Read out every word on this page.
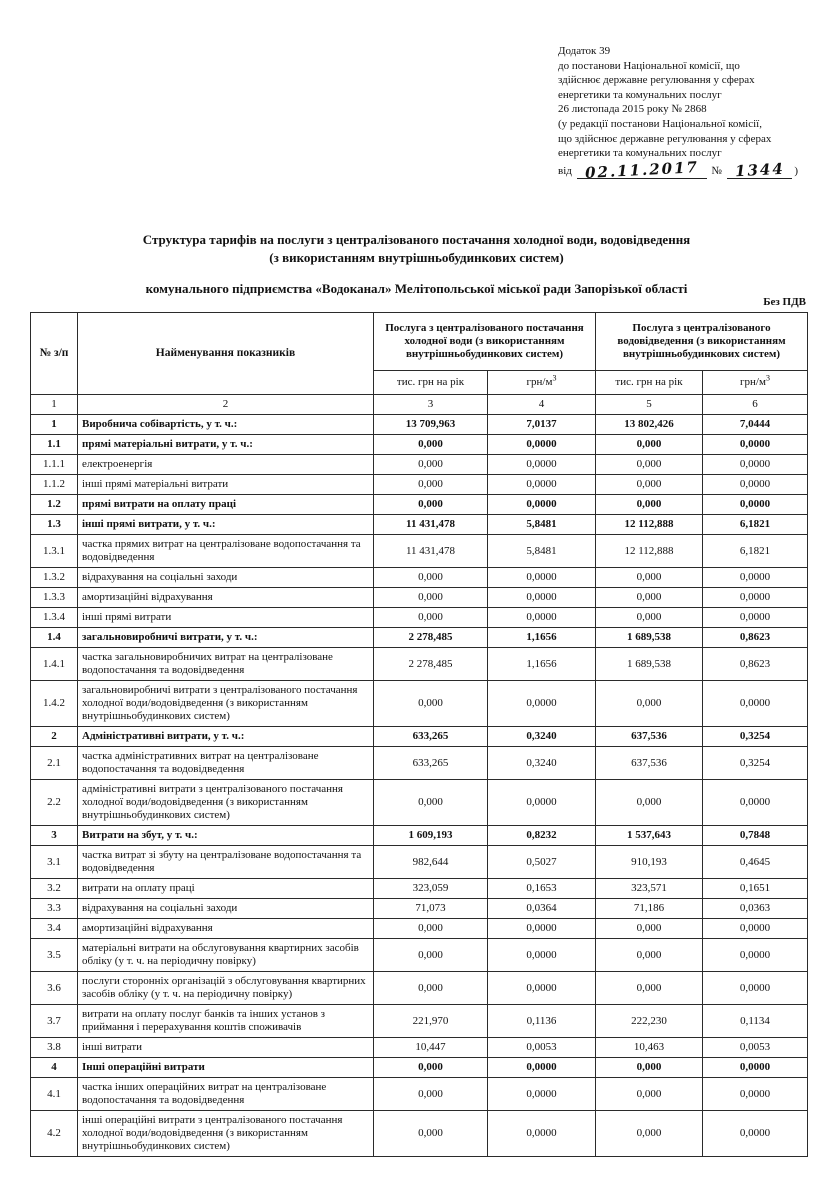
Додаток 39
до постанови Національної комісії, що
здійснює державне регулювання у сферах
енергетики та комунальних послуг
26 листопада 2015 року № 2868
(у редакції постанови Національної комісії,
що здійснює державне регулювання у сферах
енергетики та комунальних послуг
від 02.11.2017 № 1344 )
Структура тарифів на послуги з централізованого постачання холодної води, водовідведення
(з використанням внутрішньобудинкових систем)
комунального підприємства «Водоканал» Мелітопольської міської ради Запорізької області
Без ПДВ
№ з/п	Найменування показників	Послуга з централізованого постачання холодної води (з використанням внутрішньобудинкових систем)		Послуга з централізованого водовідведення (з використанням внутрішньобудинкових систем)	
		тис. грн на рік	грн/$м^3$	тис. грн на рік	грн/$м^3$
1	2	3	4	5	6
1	Виробнича собівартість, у т. ч.:	13 709,963	7,0137	13 802,426	7,0444
1.1	прямі матеріальні витрати, у т. ч.:	0,000	0,0000	0,000	0,0000
1.1.1	електроенергія	0,000	0,0000	0,000	0,0000
1.1.2	інші прямі матеріальні витрати	0,000	0,0000	0,000	0,0000
1.2	прямі витрати на оплату праці	0,000	0,0000	0,000	0,0000
1.3	інші прямі витрати, у т. ч.:	11 431,478	5,8481	12 112,888	6,1821
1.3.1	частка прямих витрат на централізоване водопостачання та водовідведення	11 431,478	5,8481	12 112,888	6,1821
1.3.2	відрахування на соціальні заходи	0,000	0,0000	0,000	0,0000
1.3.3	амортизаційні відрахування	0,000	0,0000	0,000	0,0000
1.3.4	інші прямі витрати	0,000	0,0000	0,000	0,0000
1.4	загальновиробничі витрати, у т. ч.:	2 278,485	1,1656	1 689,538	0,8623
1.4.1	частка загальновиробничих витрат на централізоване водопостачання та водовідведення	2 278,485	1,1656	1 689,538	0,8623
1.4.2	загальновиробничі витрати з централізованого постачання холодної води/водовідведення (з використанням внутрішньобудинкових систем)	0,000	0,0000	0,000	0,0000
2	Адміністративні витрати, у т. ч.:	633,265	0,3240	637,536	0,3254
2.1	частка адміністративних витрат на централізоване водопостачання та водовідведення	633,265	0,3240	637,536	0,3254
2.2	адміністративні витрати з централізованого постачання холодної води/водовідведення (з використанням внутрішньобудинкових систем)	0,000	0,0000	0,000	0,0000
3	Витрати на збут, у т. ч.:	1 609,193	0,8232	1 537,643	0,7848
3.1	частка витрат зі збуту на централізоване водопостачання та водовідведення	982,644	0,5027	910,193	0,4645
3.2	витрати на оплату праці	323,059	0,1653	323,571	0,1651
3.3	відрахування на соціальні заходи	71,073	0,0364	71,186	0,0363
3.4	амортизаційні відрахування	0,000	0,0000	0,000	0,0000
3.5	матеріальні витрати на обслуговування квартирних засобів обліку (у т. ч. на періодичну повірку)	0,000	0,0000	0,000	0,0000
3.6	послуги сторонніх організацій з обслуговування квартирних засобів обліку (у т. ч. на періодичну повірку)	0,000	0,0000	0,000	0,0000
3.7	витрати на оплату послуг банків та інших установ з приймання і перерахування коштів споживачів	221,970	0,1136	222,230	0,1134
3.8	інші витрати	10,447	0,0053	10,463	0,0053
4	Інші операційні витрати	0,000	0,0000	0,000	0,0000
4.1	частка інших операційних витрат на централізоване водопостачання та водовідведення	0,000	0,0000	0,000	0,0000
4.2	інші операційні витрати з централізованого постачання холодної води/водовідведення (з використанням внутрішньобудинкових систем)	0,000	0,0000	0,000	0,0000
